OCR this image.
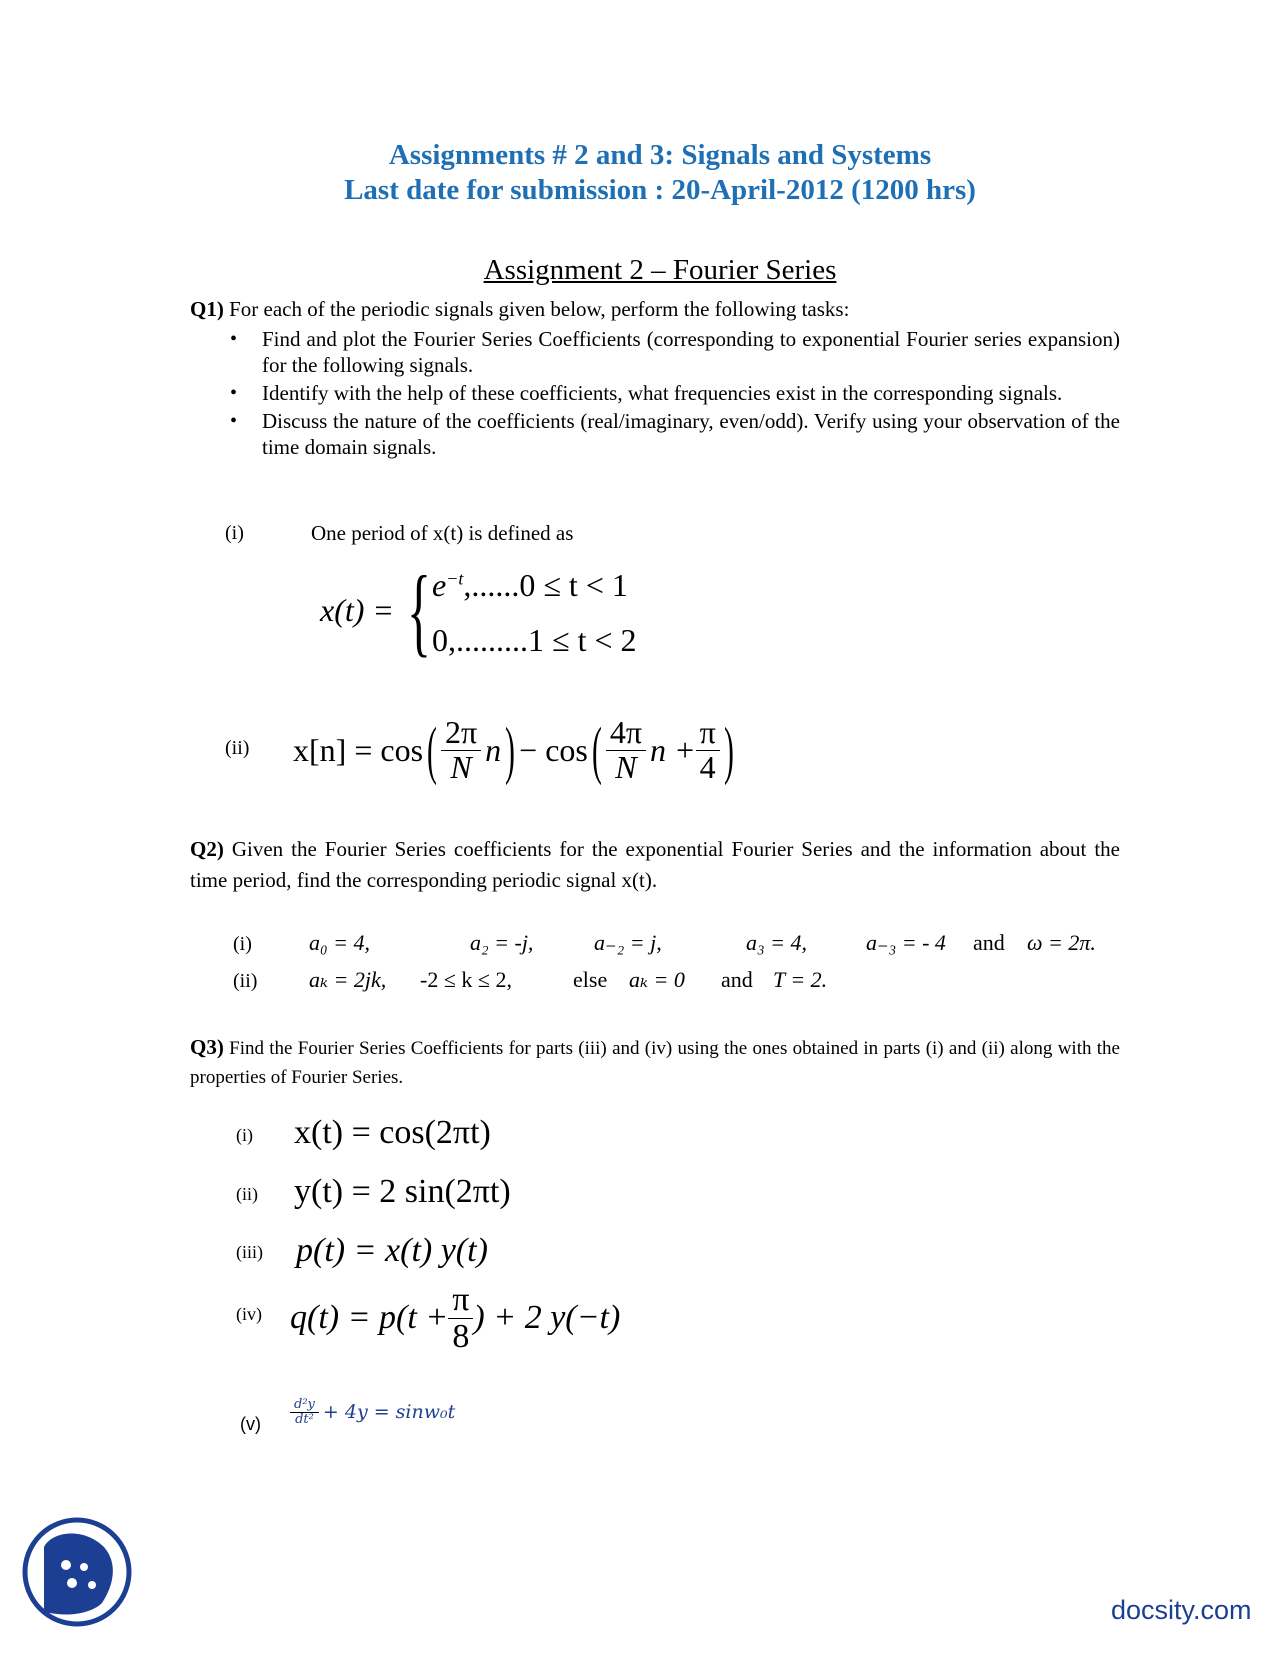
Assignments # 2 and 3: Signals and Systems
Last date for submission : 20-April-2012 (1200 hrs)
Assignment 2 – Fourier Series
Q1) For each of the periodic signals given below, perform the following tasks:
• Find and plot the Fourier Series Coefficients (corresponding to exponential Fourier series expansion) for the following signals.
• Identify with the help of these coefficients, what frequencies exist in the corresponding signals.
• Discuss the nature of the coefficients (real/imaginary, even/odd). Verify using your observation of the time domain signals.
(i)	One period of x(t) is defined as
x(t) = { $e^{-t},......0 \le t < 1$
0,.........1 ≤ t < 2
(ii) x[n] = cos ( $\frac{2\pi}{N}$ n ) − cos ( $\frac{4\pi}{N}$ $n + \frac{\pi}{4}$ )
Q2) Given the Fourier Series coefficients for the exponential Fourier Series and the information about the time period, find the corresponding periodic signal x(t).
(i)	a₀ = 4,	a₂ = -j,	a₋₂ = j,	a₃ = 4,	a₋₃ = - 4 and ω = 2π.
(ii) aₖ = 2jk, -2 ≤ k ≤ 2,	else aₖ = 0 and T = 2.
Q3) Find the Fourier Series Coefficients for parts (iii) and (iv) using the ones obtained in parts (i) and (ii) along with the properties of Fourier Series.
(i) x(t) = cos(2πt)
(ii) y(t) = 2 sin(2πt)
(iii) p(t) = x(t) y(t)
(iv) $q(t) = p(t + \frac{\pi}{8}$ ) + 2 y(−t)
$(v) \frac{\text{d²y}}{\text{dt²}} + 4y = \sin w_0t$
docsity.com
